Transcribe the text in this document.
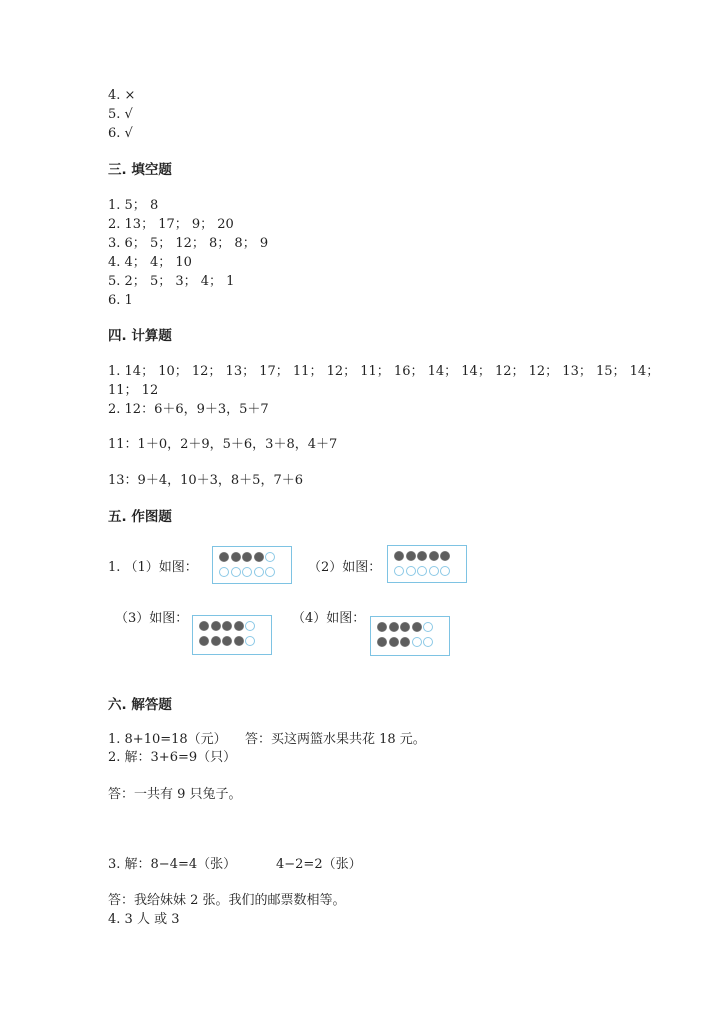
4. ×
5. √
6. √
三. 填空题
1. 5； 8
2. 13； 17； 9； 20
3. 6； 5； 12； 8； 8； 9
4. 4； 4； 10
5. 2； 5； 3； 4； 1
6. 1
四. 计算题
1. 14； 10； 12； 13； 17； 11； 12； 11； 16； 14； 14； 12； 12； 13； 15； 14；
11； 12
2. 12：6＋6，9＋3，5＋7
11：1＋0，2＋9，5＋6，3＋8，4＋7
13：9＋4，10＋3，8＋5，7＋6
五. 作图题
1. （1）如图：	（2）如图：
（3）如图：	（4）如图：
六. 解答题
1. 8+10=18（元） 答：买这两篮水果共花 18 元。
2. 解：3+6=9（只）
答：一共有 9 只兔子。
3. 解：8−4=4（张）	4−2=2（张）
答：我给妹妹 2 张。我们的邮票数相等。
4. 3 人 或 3
